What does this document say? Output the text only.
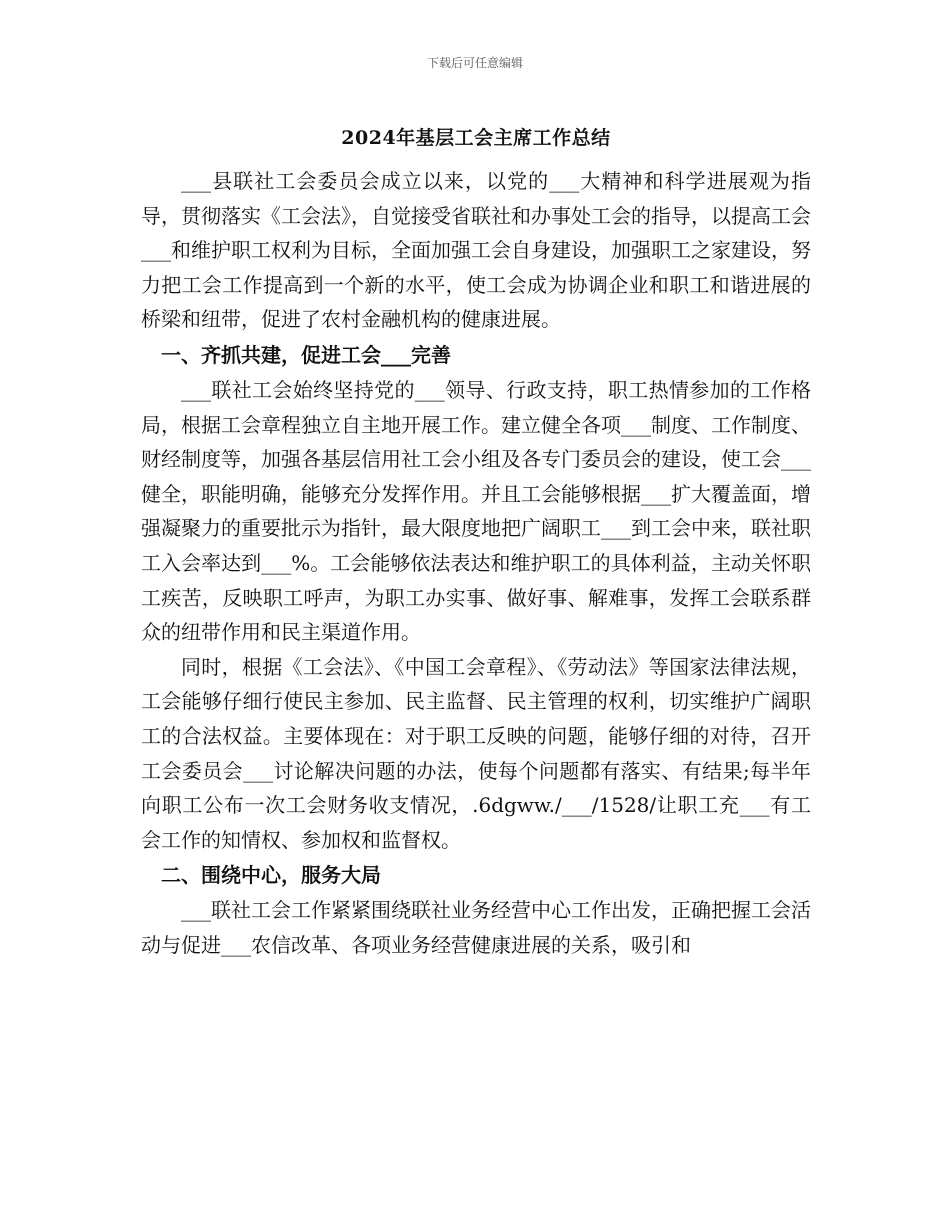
下载后可任意编辑
2024年基层工会主席工作总结

___县联社工会委员会成立以来，以党的___大精神和科学进展观为指导，贯彻落实《工会法》，自觉接受省联社和办事处工会的指导，以提高工会___和维护职工权利为目标，全面加强工会自身建设，加强职工之家建设，努力把工会工作提高到一个新的水平，使工会成为协调企业和职工和谐进展的桥梁和纽带，促进了农村金融机构的健康进展。

一、齐抓共建，促进工会___完善

___联社工会始终坚持党的___领导、行政支持，职工热情参加的工作格局，根据工会章程独立自主地开展工作。建立健全各项___制度、工作制度、财经制度等，加强各基层信用社工会小组及各专门委员会的建设，使工会___健全，职能明确，能够充分发挥作用。并且工会能够根据___扩大覆盖面，增强凝聚力的重要批示为指针，最大限度地把广阔职工___到工会中来，联社职工入会率达到___%。工会能够依法表达和维护职工的具体利益，主动关怀职工疾苦，反映职工呼声，为职工办实事、做好事、解难事，发挥工会联系群众的纽带作用和民主渠道作用。

同时，根据《工会法》、《中国工会章程》、《劳动法》等国家法律法规，工会能够仔细行使民主参加、民主监督、民主管理的权利，切实维护广阔职工的合法权益。主要体现在：对于职工反映的问题，能够仔细的对待，召开工会委员会___讨论解决问题的办法，使每个问题都有落实、有结果;每半年向职工公布一次工会财务收支情况，.6dgww./___/1528/让职工充___有工会工作的知情权、参加权和监督权。

二、围绕中心，服务大局

___联社工会工作紧紧围绕联社业务经营中心工作出发，正确把握工会活动与促进___农信改革、各项业务经营健康进展的关系，吸引和
